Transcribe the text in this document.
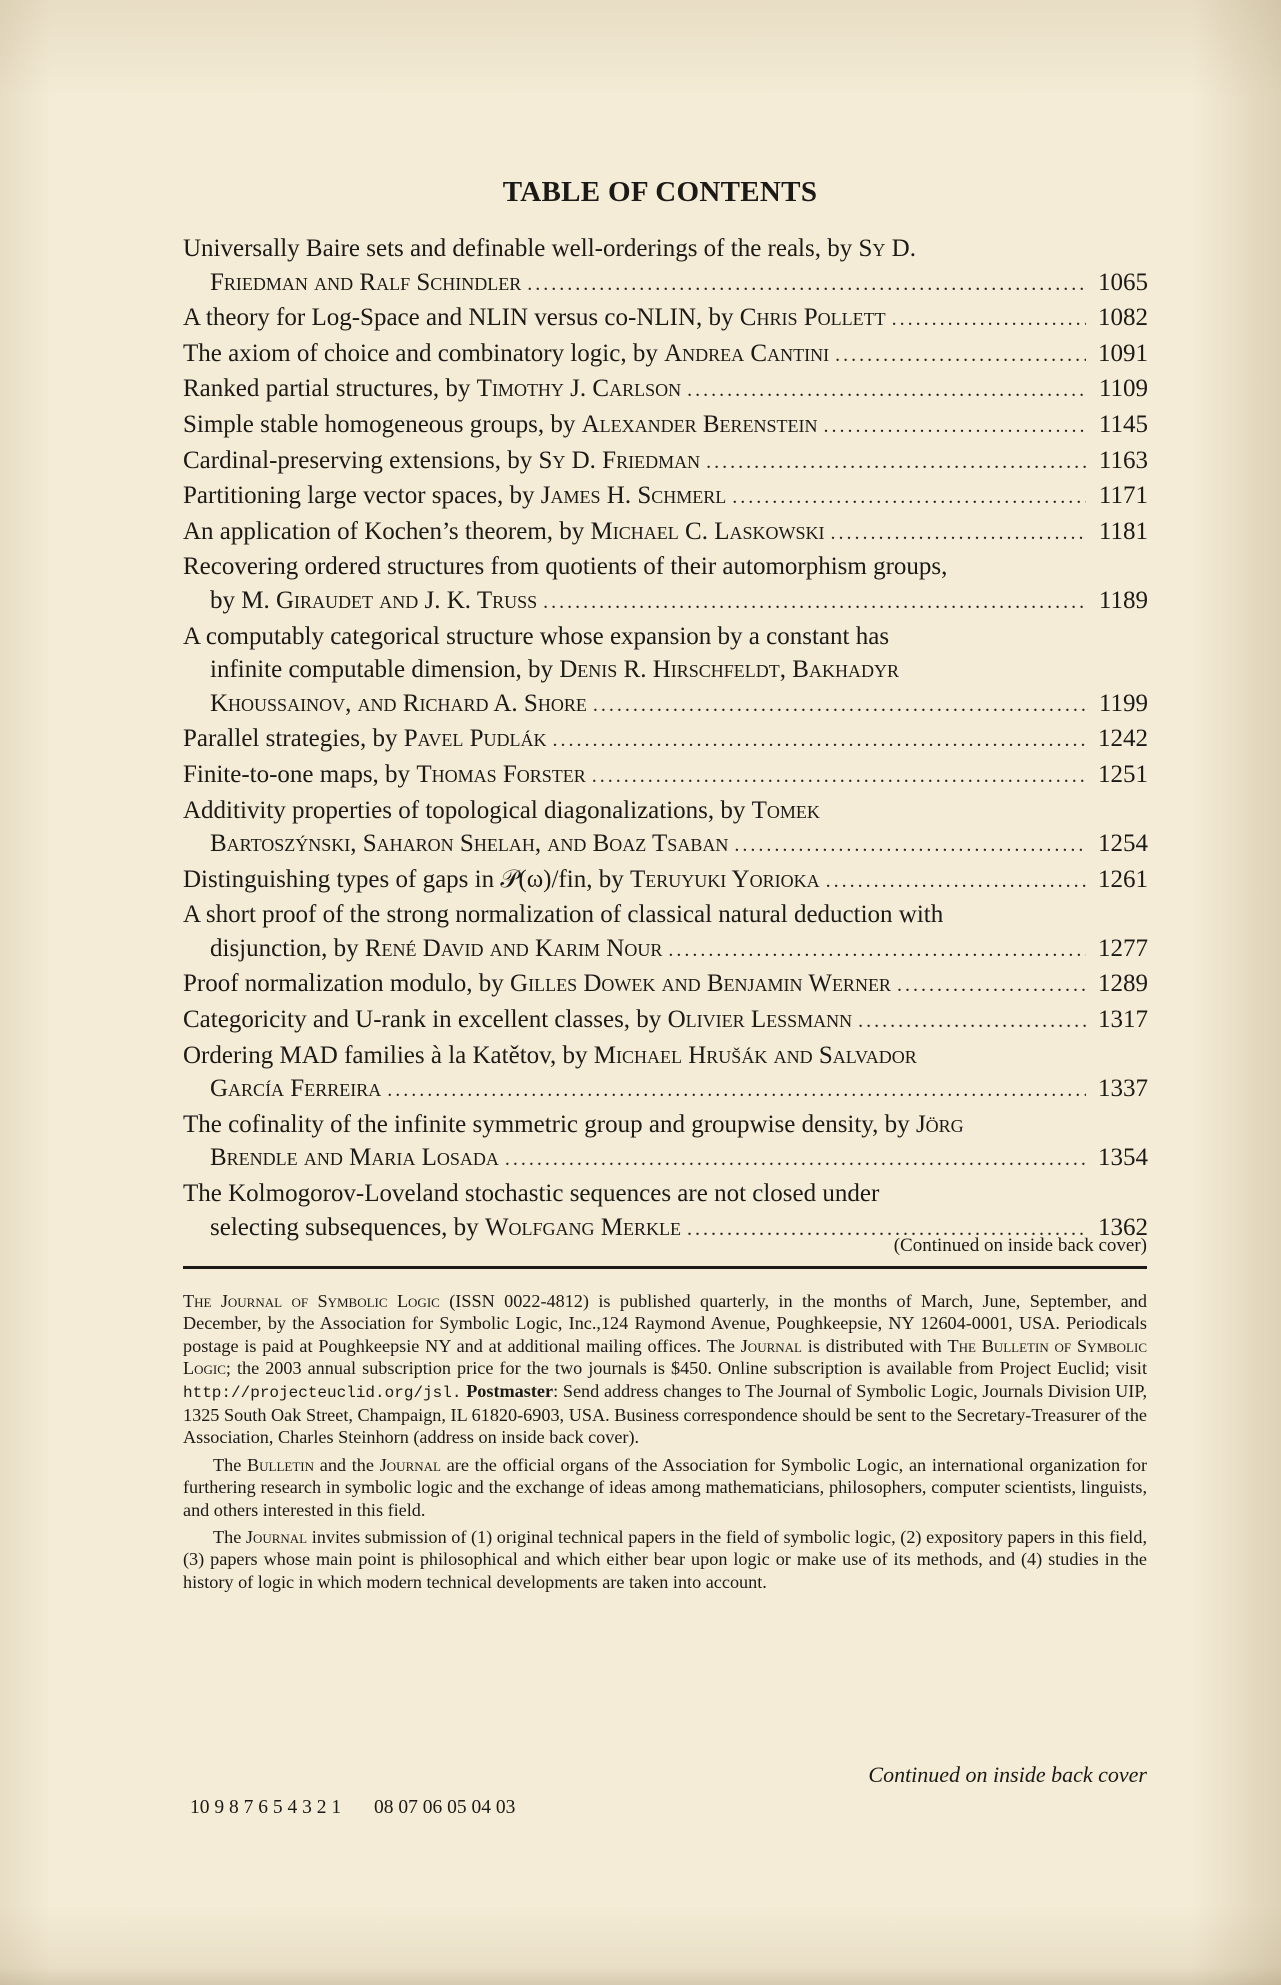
TABLE OF CONTENTS
Universally Baire sets and definable well-orderings of the reals, by Sy D.
Friedman and Ralf Schindler .....	1065
A theory for Log-Space and NLIN versus co-NLIN, by Chris Pollett .....	1082
The axiom of choice and combinatory logic, by Andrea Cantini .....	1091
Ranked partial structures, by Timothy J. Carlson .....	1109
Simple stable homogeneous groups, by Alexander Berenstein .....	1145
Cardinal-preserving extensions, by Sy D. Friedman .....	1163
Partitioning large vector spaces, by James H. Schmerl .....	1171
An application of Kochen’s theorem, by Michael C. Laskowski .....	1181
Recovering ordered structures from quotients of their automorphism groups,
by M. Giraudet and J. K. Truss .....	1189
A computably categorical structure whose expansion by a constant has
infinite computable dimension, by Denis R. Hirschfeldt, Bakhadyr
Khoussainov, and Richard A. Shore .....	1199
Parallel strategies, by Pavel Pudlák .....	1242
Finite-to-one maps, by Thomas Forster .....	1251
Additivity properties of topological diagonalizations, by Tomek
Bartoszýnski, Saharon Shelah, and Boaz Tsaban .....	1254
Distinguishing types of gaps in 𝒫(ω)/fin, by Teruyuki Yorioka .....	1261
A short proof of the strong normalization of classical natural deduction with
disjunction, by René David and Karim Nour .....	1277
Proof normalization modulo, by Gilles Dowek and Benjamin Werner .....	1289
Categoricity and U-rank in excellent classes, by Olivier Lessmann .....	1317
Ordering MAD families à la Katětov, by Michael Hrušák and Salvador
García Ferreira .....	1337
The cofinality of the infinite symmetric group and groupwise density, by Jörg
Brendle and Maria Losada .....	1354
The Kolmogorov-Loveland stochastic sequences are not closed under
selecting subsequences, by Wolfgang Merkle .....	1362
(Continued on inside back cover)

The Journal of Symbolic Logic (ISSN 0022-4812) is published quarterly, in the months of March, June, September, and December, by the Association for Symbolic Logic, Inc.,124 Raymond Avenue, Poughkeepsie, NY 12604-0001, USA. Periodicals postage is paid at Poughkeepsie NY and at additional mailing offices. The Journal is distributed with The Bulletin of Symbolic Logic; the 2003 annual subscription price for the two journals is $450. Online subscription is available from Project Euclid; visit http://projecteuclid.org/jsl. Postmaster: Send address changes to The Journal of Symbolic Logic, Journals Division UIP, 1325 South Oak Street, Champaign, IL 61820-6903, USA. Business correspondence should be sent to the Secretary-Treasurer of the Association, Charles Steinhorn (address on inside back cover).

The Bulletin and the Journal are the official organs of the Association for Symbolic Logic, an international organization for furthering research in symbolic logic and the exchange of ideas among mathematicians, philosophers, computer scientists, linguists, and others interested in this field.

The Journal invites submission of (1) original technical papers in the field of symbolic logic, (2) expository papers in this field, (3) papers whose main point is philosophical and which either bear upon logic or make use of its methods, and (4) studies in the history of logic in which modern technical developments are taken into account.

Continued on inside back cover
10 9 8 7 6 5 4 3 2 1 08 07 06 05 04 03
